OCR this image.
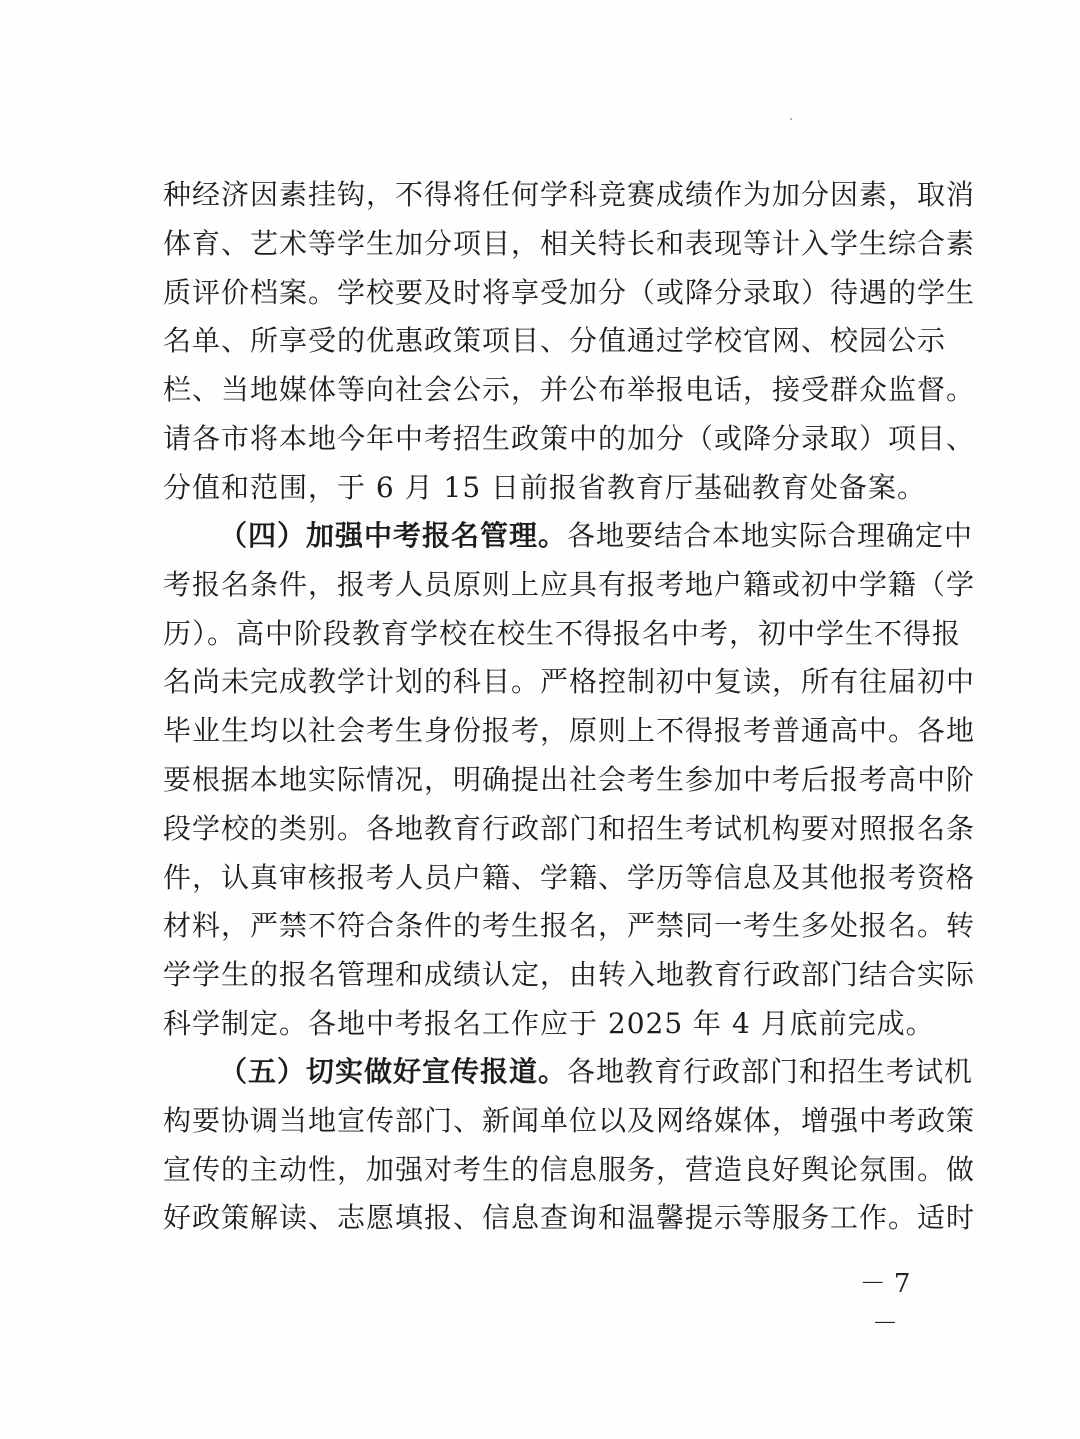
种经济因素挂钩，不得将任何学科竞赛成绩作为加分因素，取消
体育、艺术等学生加分项目，相关特长和表现等计入学生综合素
质评价档案。学校要及时将享受加分（或降分录取）待遇的学生
名单、所享受的优惠政策项目、分值通过学校官网、校园公示
栏、当地媒体等向社会公示，并公布举报电话，接受群众监督。
请各市将本地今年中考招生政策中的加分（或降分录取）项目、
分值和范围，于 6 月 15 日前报省教育厅基础教育处备案。
（四）加强中考报名管理。各地要结合本地实际合理确定中
考报名条件，报考人员原则上应具有报考地户籍或初中学籍（学
历）。高中阶段教育学校在校生不得报名中考，初中学生不得报
名尚未完成教学计划的科目。严格控制初中复读，所有往届初中
毕业生均以社会考生身份报考，原则上不得报考普通高中。各地
要根据本地实际情况，明确提出社会考生参加中考后报考高中阶
段学校的类别。各地教育行政部门和招生考试机构要对照报名条
件，认真审核报考人员户籍、学籍、学历等信息及其他报考资格
材料，严禁不符合条件的考生报名，严禁同一考生多处报名。转
学学生的报名管理和成绩认定，由转入地教育行政部门结合实际
科学制定。各地中考报名工作应于 2025 年 4 月底前完成。
（五）切实做好宣传报道。各地教育行政部门和招生考试机
构要协调当地宣传部门、新闻单位以及网络媒体，增强中考政策
宣传的主动性，加强对考生的信息服务，营造良好舆论氛围。做
好政策解读、志愿填报、信息查询和温馨提示等服务工作。适时
－ 7 －
